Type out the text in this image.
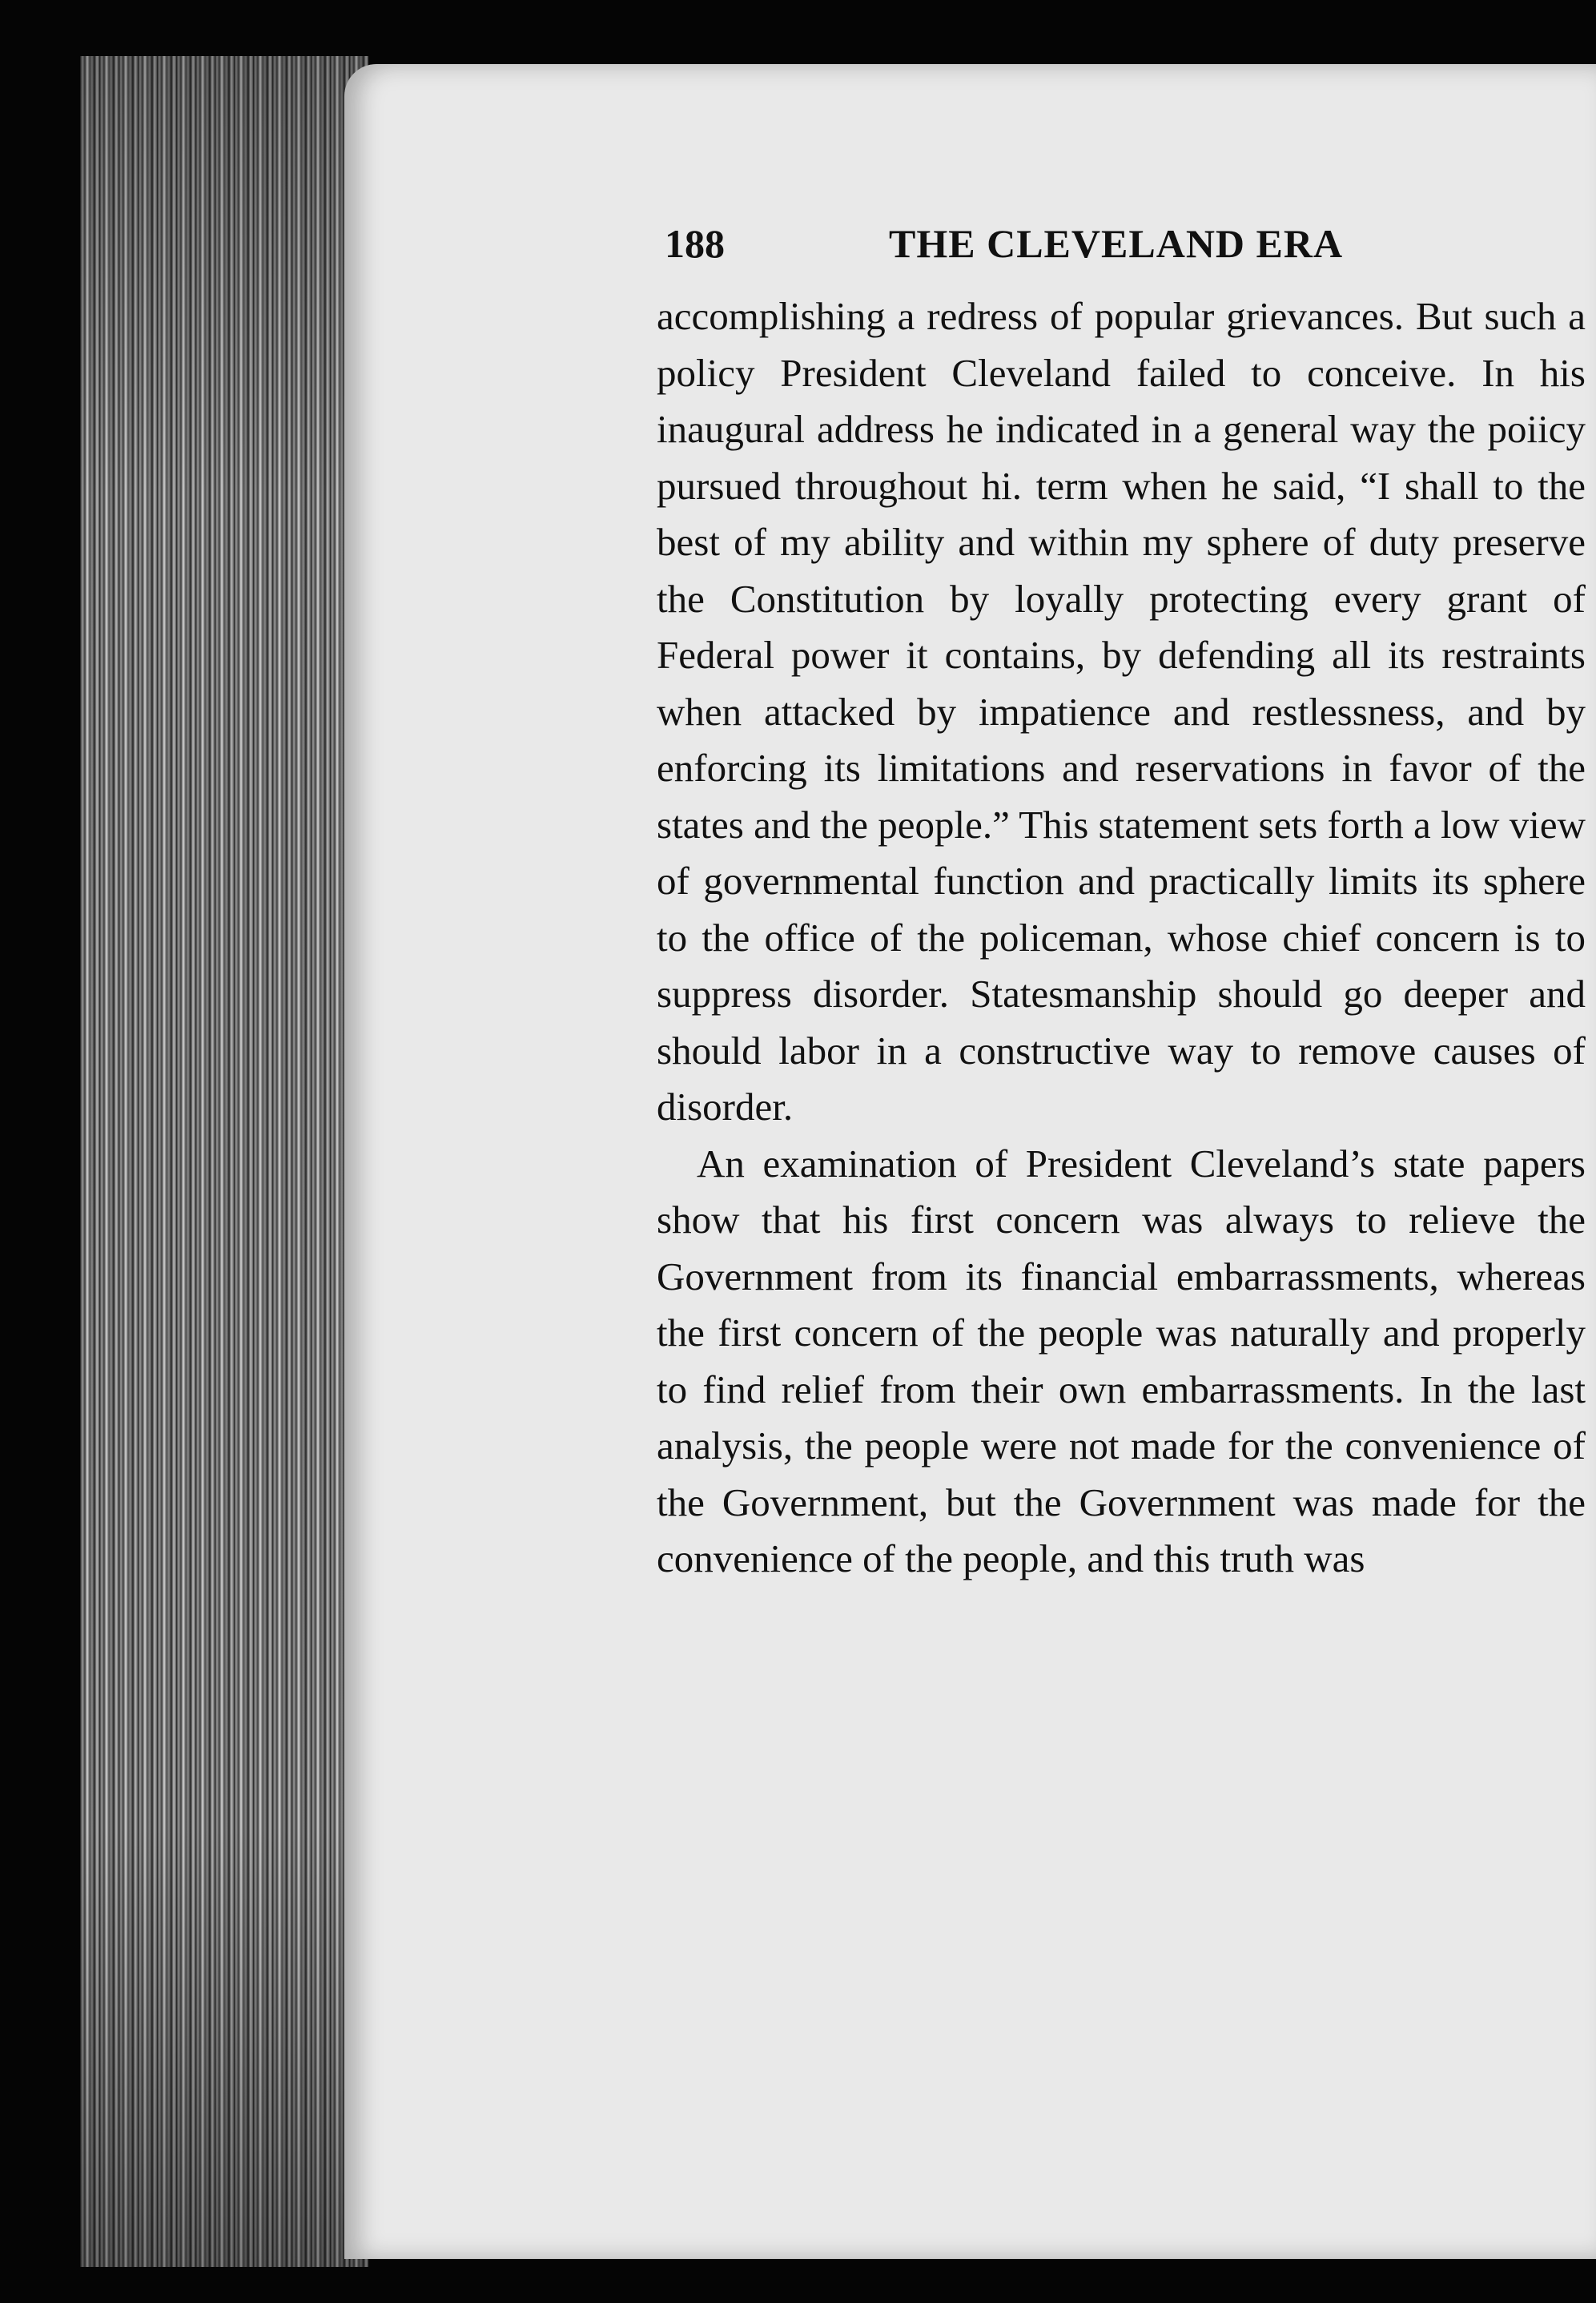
188	THE CLEVELAND ERA

accomplishing a redress of popular grievances. But such a policy President Cleveland failed to conceive. In his inaugural address he indicated in a general way the poiicy pursued throughout hi. term when he said, “I shall to the best of my ability and within my sphere of duty preserve the Constitution by loyally protecting every grant of Federal power it contains, by defending all its restraints when attacked by impatience and restlessness, and by enforcing its limitations and reservations in favor of the states and the people.” This statement sets forth a low view of governmental function and practically limits its sphere to the office of the policeman, whose chief concern is to suppress disorder. Statesmanship should go deeper and should labor in a constructive way to remove causes of disorder.

An examination of President Cleveland’s state papers show that his first concern was always to relieve the Government from its financial embarrassments, whereas the first concern of the people was naturally and properly to find relief from their own embarrassments. In the last analysis, the people were not made for the convenience of the Government, but the Government was made for the convenience of the people, and this truth was
